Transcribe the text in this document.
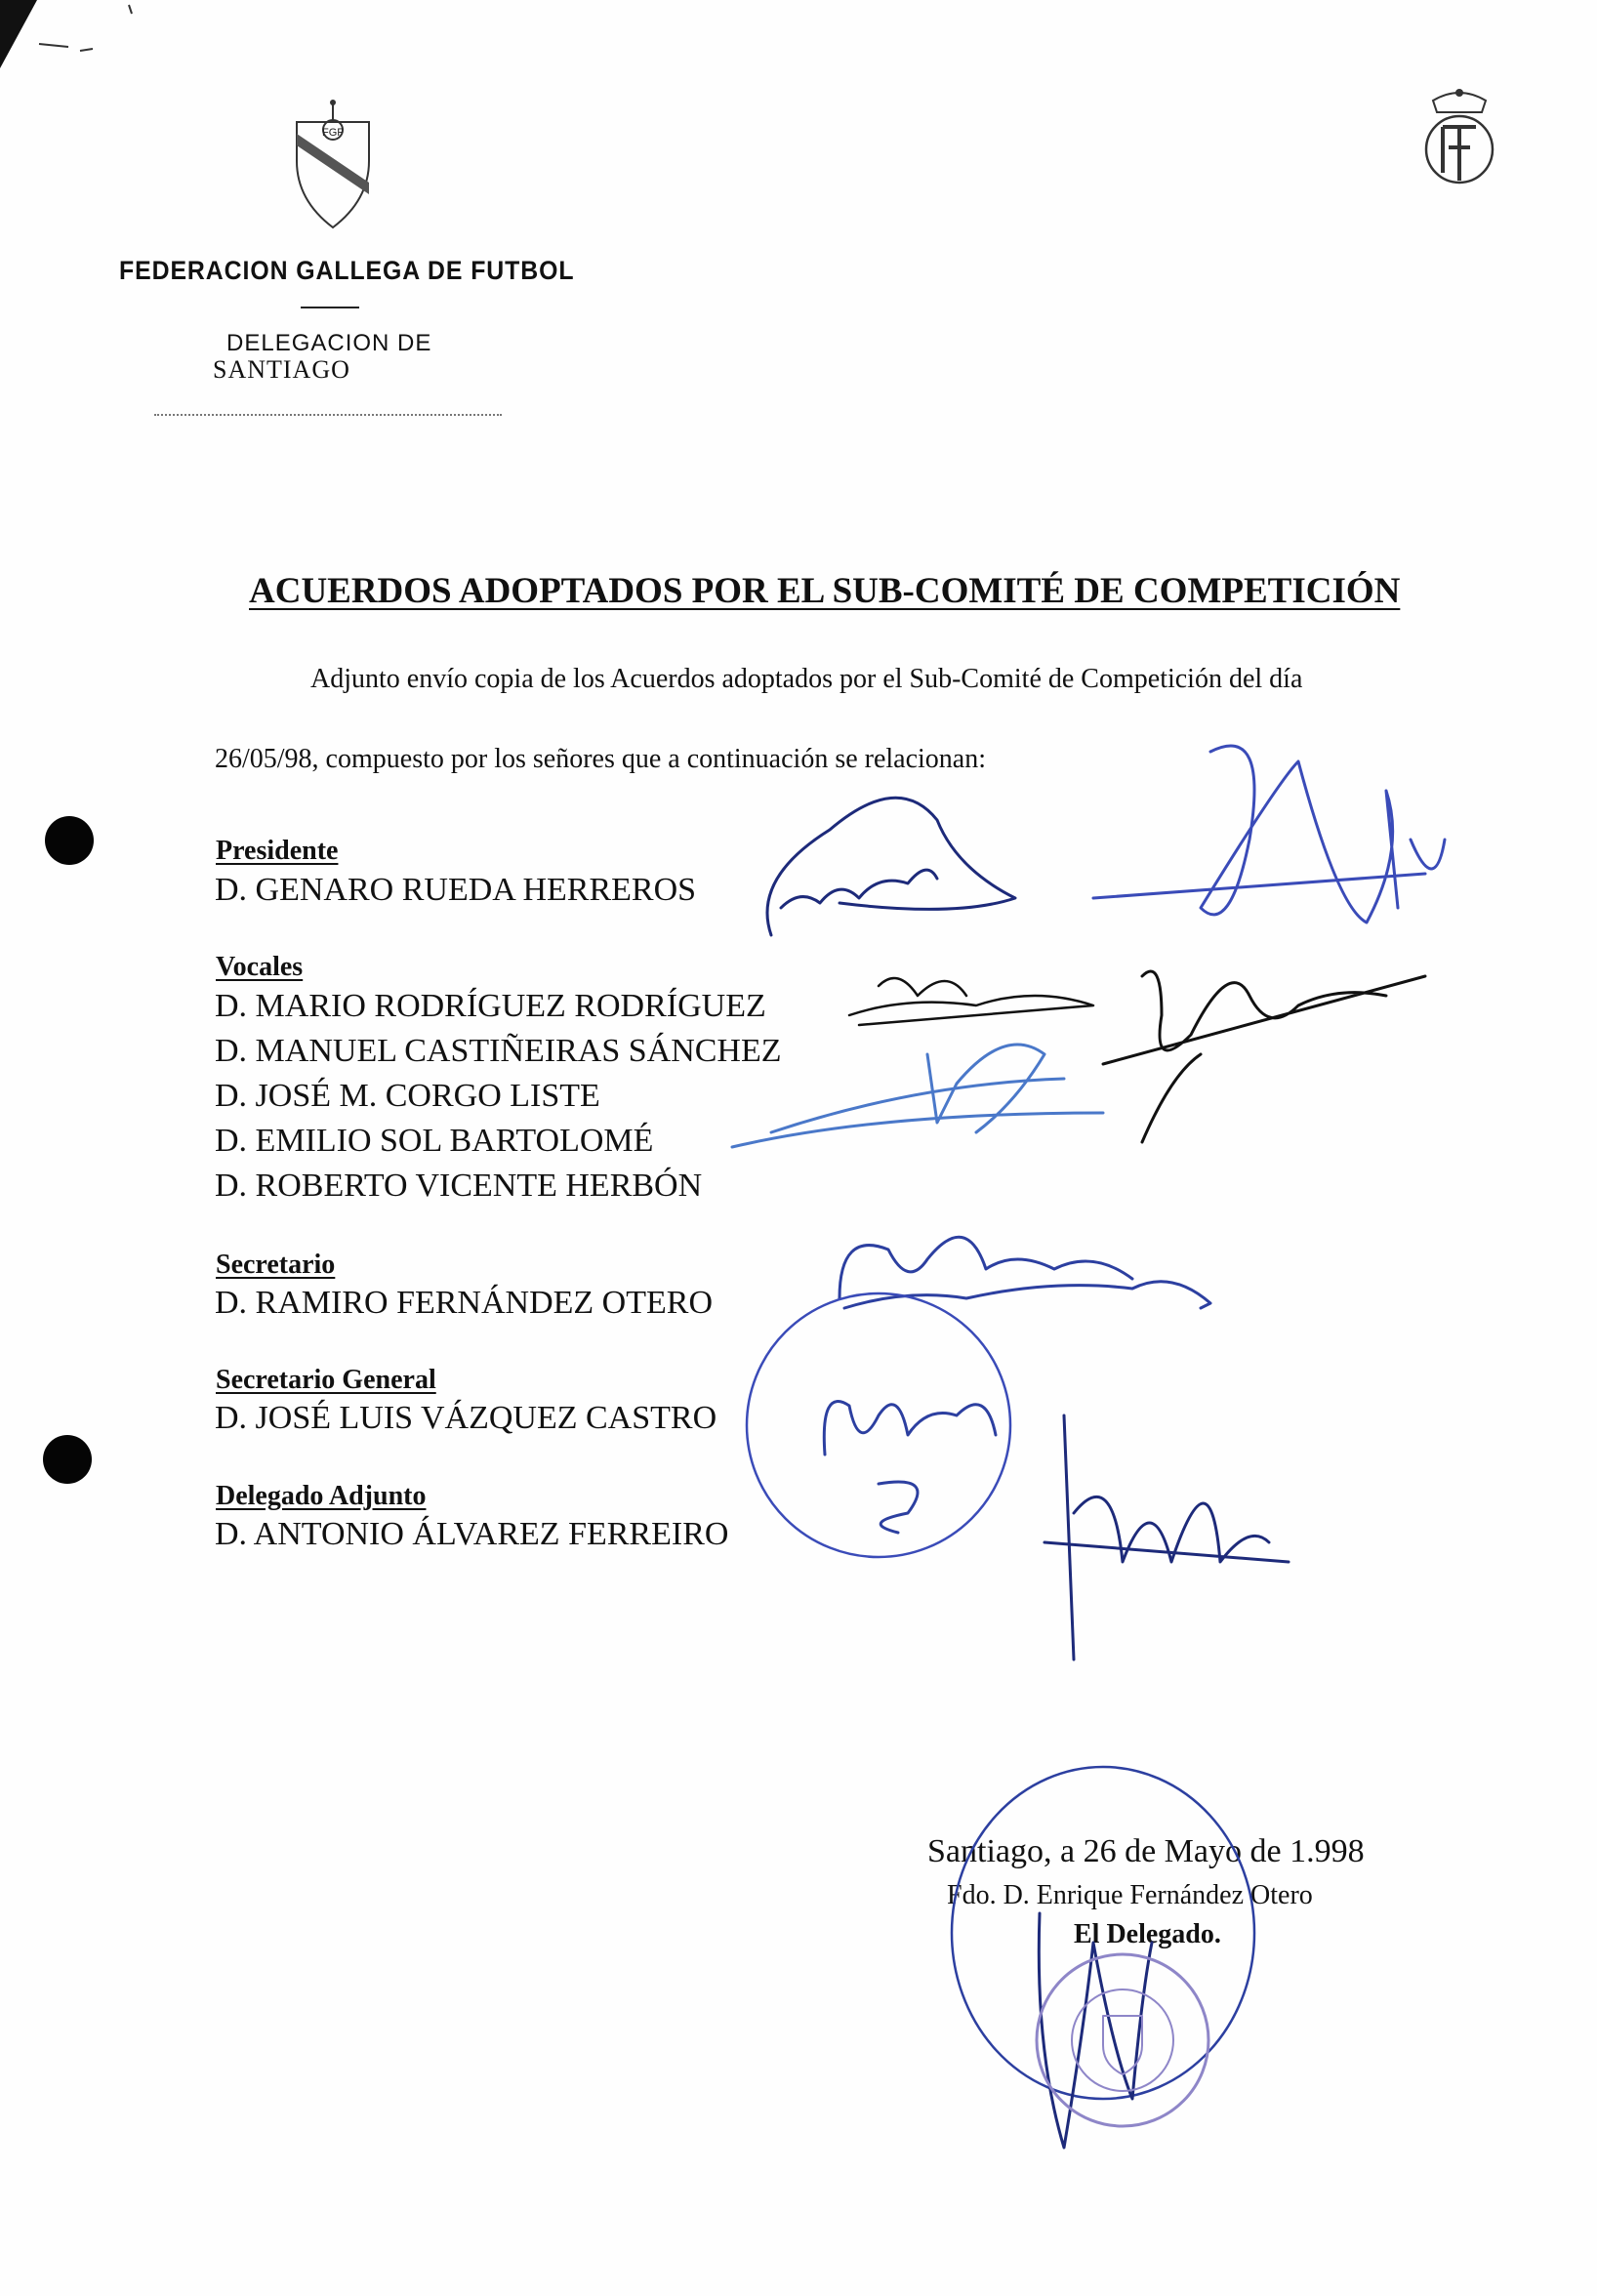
FGF
FEDERACION GALLEGA DE FUTBOL
DELEGACION DE
SANTIAGO
ACUERDOS ADOPTADOS POR EL SUB-COMITÉ DE COMPETICIÓN
Adjunto envío copia de los Acuerdos adoptados por el Sub-Comité de Competición del día
26/05/98, compuesto por los señores que a continuación se relacionan:
Presidente
D. GENARO RUEDA HERREROS
Vocales
D. MARIO RODRÍGUEZ RODRÍGUEZ
D. MANUEL CASTIÑEIRAS SÁNCHEZ
D. JOSÉ M. CORGO LISTE
D. EMILIO SOL BARTOLOMÉ
D. ROBERTO VICENTE HERBÓN
Secretario
D. RAMIRO FERNÁNDEZ OTERO
Secretario General
D. JOSÉ LUIS VÁZQUEZ CASTRO
Delegado Adjunto
D. ANTONIO ÁLVAREZ FERREIRO
Santiago, a 26 de Mayo de 1.998
Fdo. D. Enrique Fernández Otero
El Delegado.
